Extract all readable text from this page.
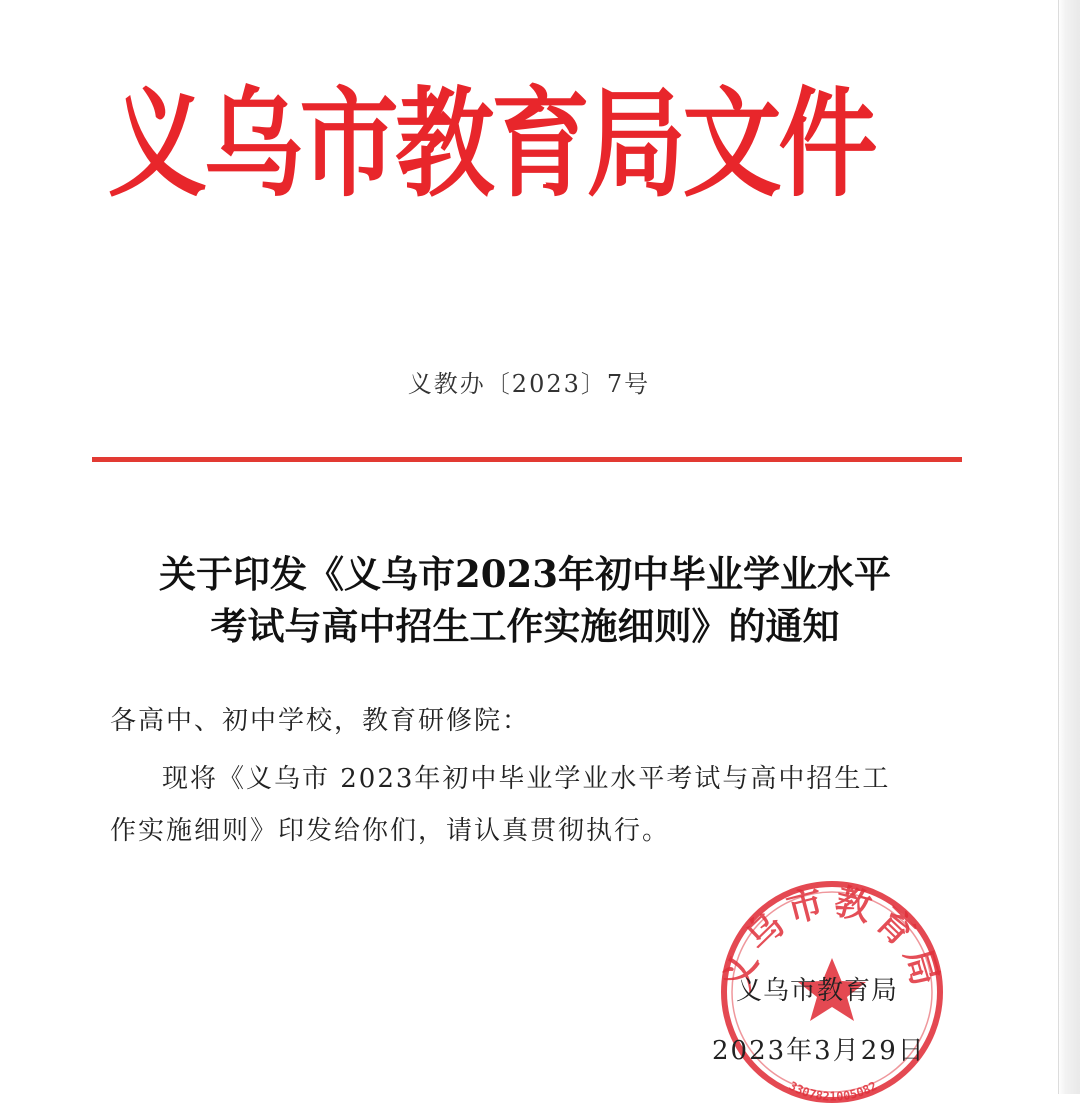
义乌市教育局文件
义教办〔2023〕7号
关于印发《义乌市2023年初中毕业学业水平
考试与高中招生工作实施细则》的通知
各高中、初中学校，教育研修院：
现将《义乌市 2023年初中毕业学业水平考试与高中招生工
作实施细则》印发给你们，请认真贯彻执行。
义乌市教育局
3307821005082
义乌市教育局
2023年3月29日
